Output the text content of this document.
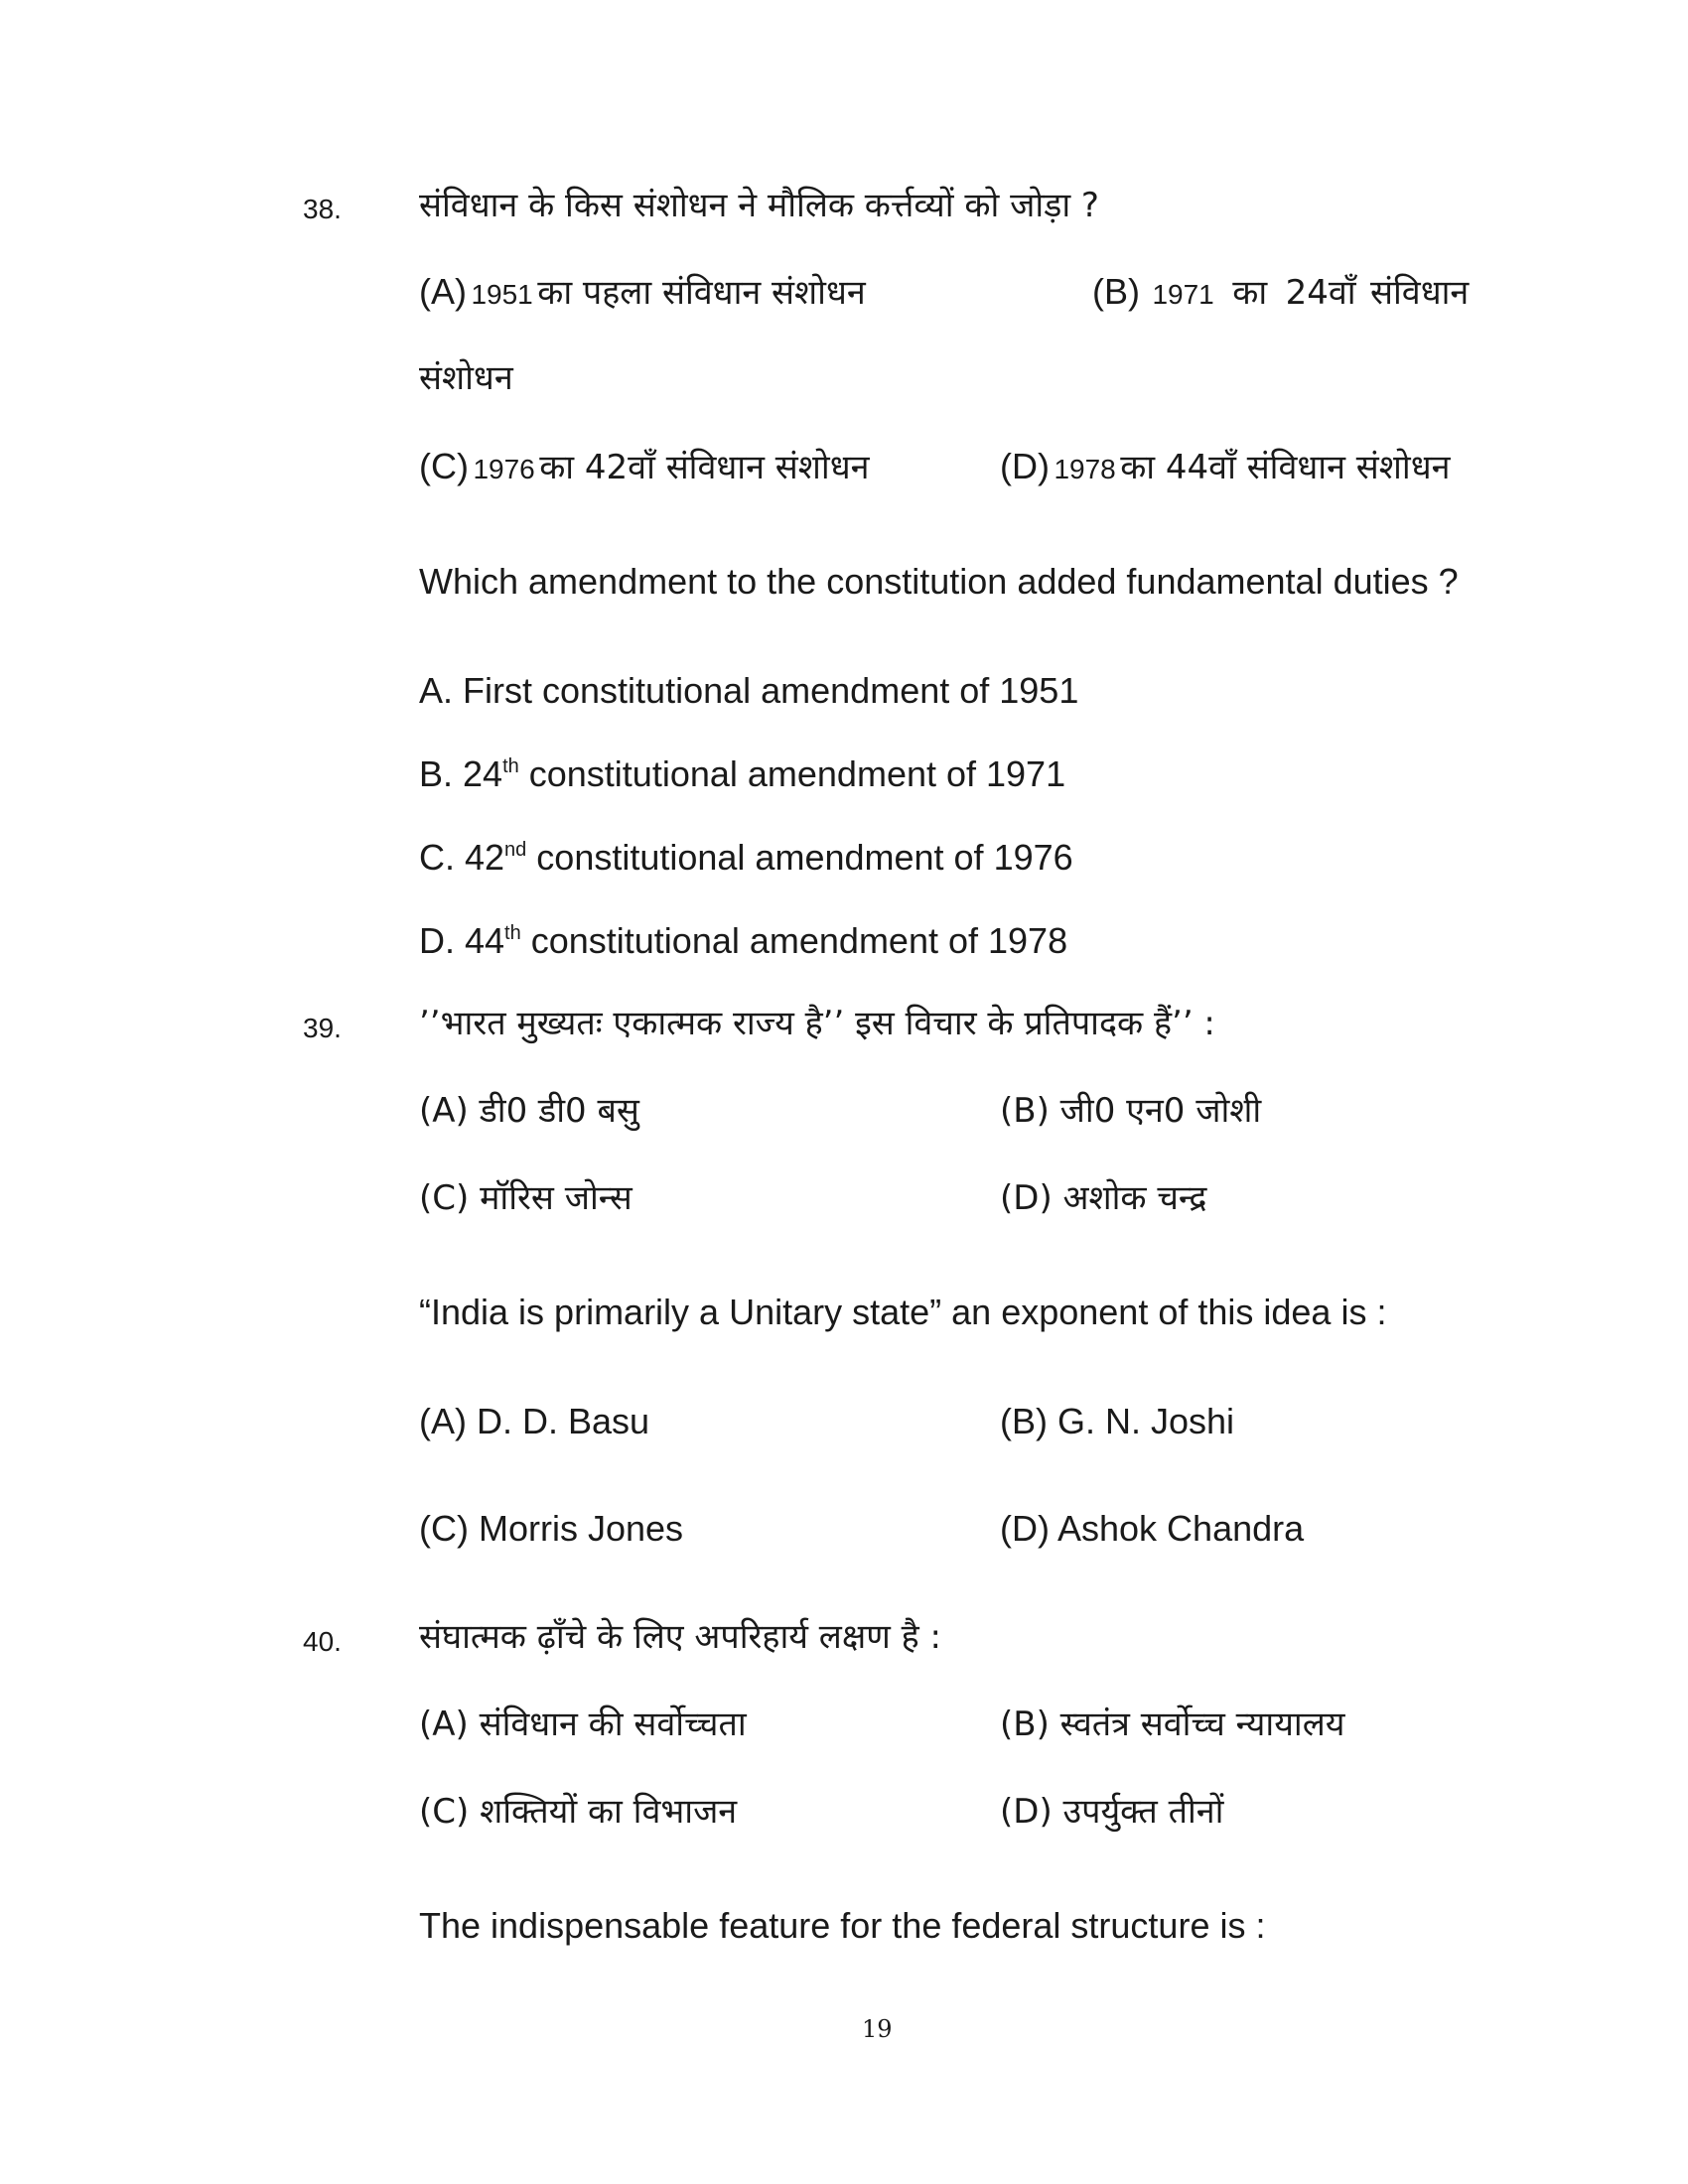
38. संविधान के किस संशोधन ने मौलिक कर्त्तव्यों को जोड़ा ?
(A) 1951 का पहला संविधान संशोधन	(B) 1971 का 24वाँ संविधान
संशोधन
(C) 1976 का 42वाँ संविधान संशोधन	(D) 1978 का 44वाँ संविधान संशोधन
Which amendment to the constitution added fundamental duties ?
A. First constitutional amendment of 1951
B. 24th constitutional amendment of 1971
C. 42nd constitutional amendment of 1976
D. 44th constitutional amendment of 1978
39. ’’भारत मुख्यतः एकात्मक राज्य है’’ इस विचार के प्रतिपादक हैं’’ :
(A) डी0 डी0 बसु	(B) जी0 एन0 जोशी
(C) मॉरिस जोन्स	(D) अशोक चन्द्र
“India is primarily a Unitary state” an exponent of this idea is :
(A) D. D. Basu	(B) G. N. Joshi
(C) Morris Jones	(D) Ashok Chandra
40. संघात्मक ढ़ाँचे के लिए अपरिहार्य लक्षण है :
(A) संविधान की सर्वोच्चता	(B) स्वतंत्र सर्वोच्च न्यायालय
(C) शक्तियों का विभाजन	(D) उपर्युक्त तीनों
The indispensable feature for the federal structure is :
19
